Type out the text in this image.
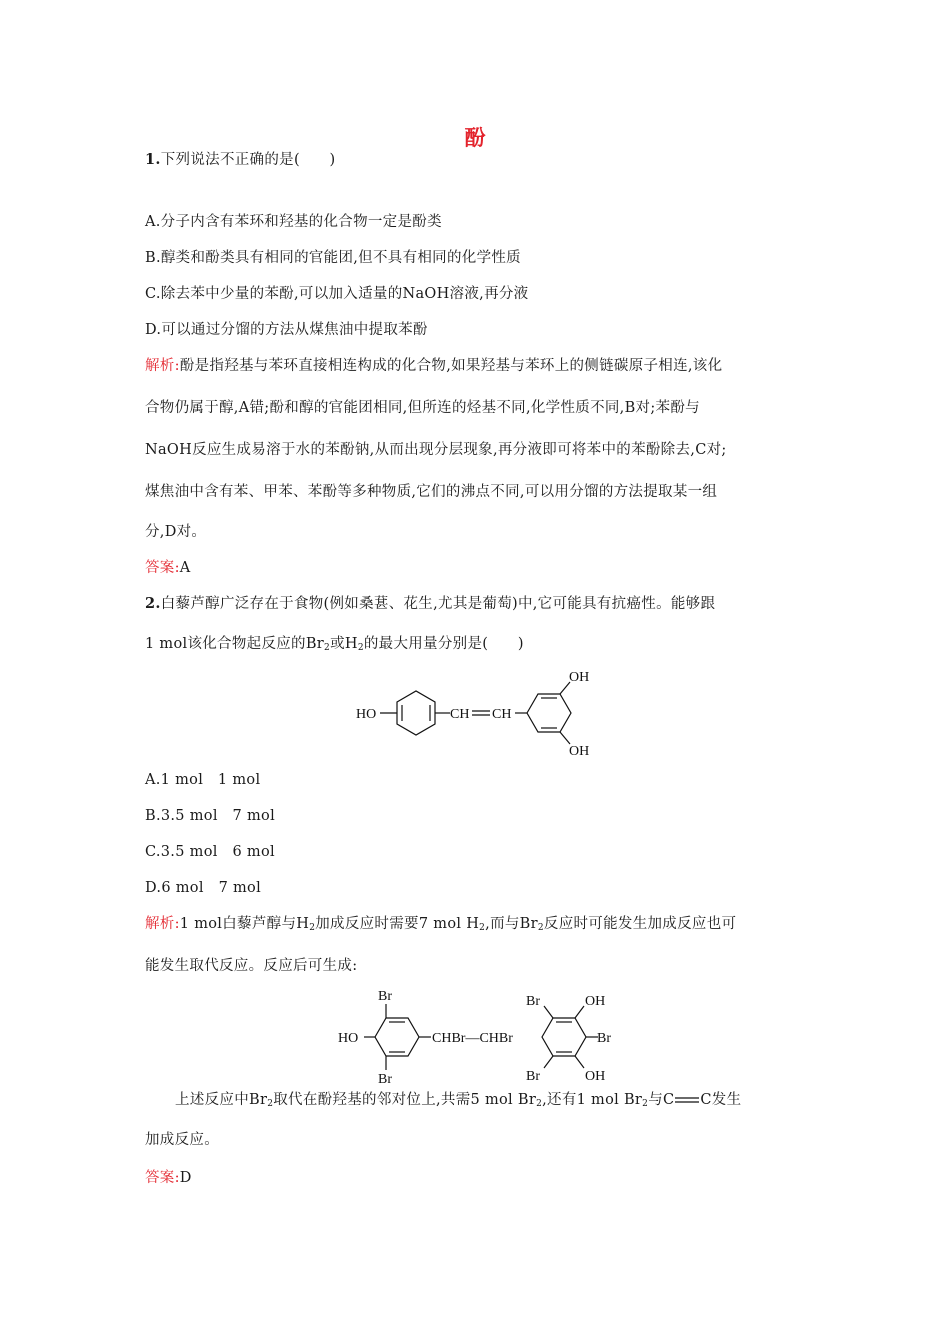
酚
1.下列说法不正确的是(　　)
A.分子内含有苯环和羟基的化合物一定是酚类
B.醇类和酚类具有相同的官能团,但不具有相同的化学性质
C.除去苯中少量的苯酚,可以加入适量的NaOH溶液,再分液
D.可以通过分馏的方法从煤焦油中提取苯酚
解析:酚是指羟基与苯环直接相连构成的化合物,如果羟基与苯环上的侧链碳原子相连,该化
合物仍属于醇,A错;酚和醇的官能团相同,但所连的烃基不同,化学性质不同,B对;苯酚与
NaOH反应生成易溶于水的苯酚钠,从而出现分层现象,再分液即可将苯中的苯酚除去,C对;
煤焦油中含有苯、甲苯、苯酚等多种物质,它们的沸点不同,可以用分馏的方法提取某一组
分,D对。
答案:A
2.白藜芦醇广泛存在于食物(例如桑葚、花生,尤其是葡萄)中,它可能具有抗癌性。能够跟
1 mol该化合物起反应的$Br_2$或$H_2$的最大用量分别是(　　)
HO	CH CH
OH
OH
A.1 mol　1 mol
B.3.5 mol　7 mol
C.3.5 mol　6 mol
D.6 mol　7 mol
解析:1 mol白藜芦醇与$H_2$加成反应时需要7 mol $H_2$,而与$Br_2$反应时可能发生加成反应也可
能发生取代反应。反应后可生成:
HO
Br
Br
CHBr—CHBr
Br	OH
Br
Br	OH
上述反应中$Br_2$取代在酚羟基的邻对位上,共需5 mol $Br_2$,还有1 mol $Br_2$与C C发生
加成反应。
答案:D
